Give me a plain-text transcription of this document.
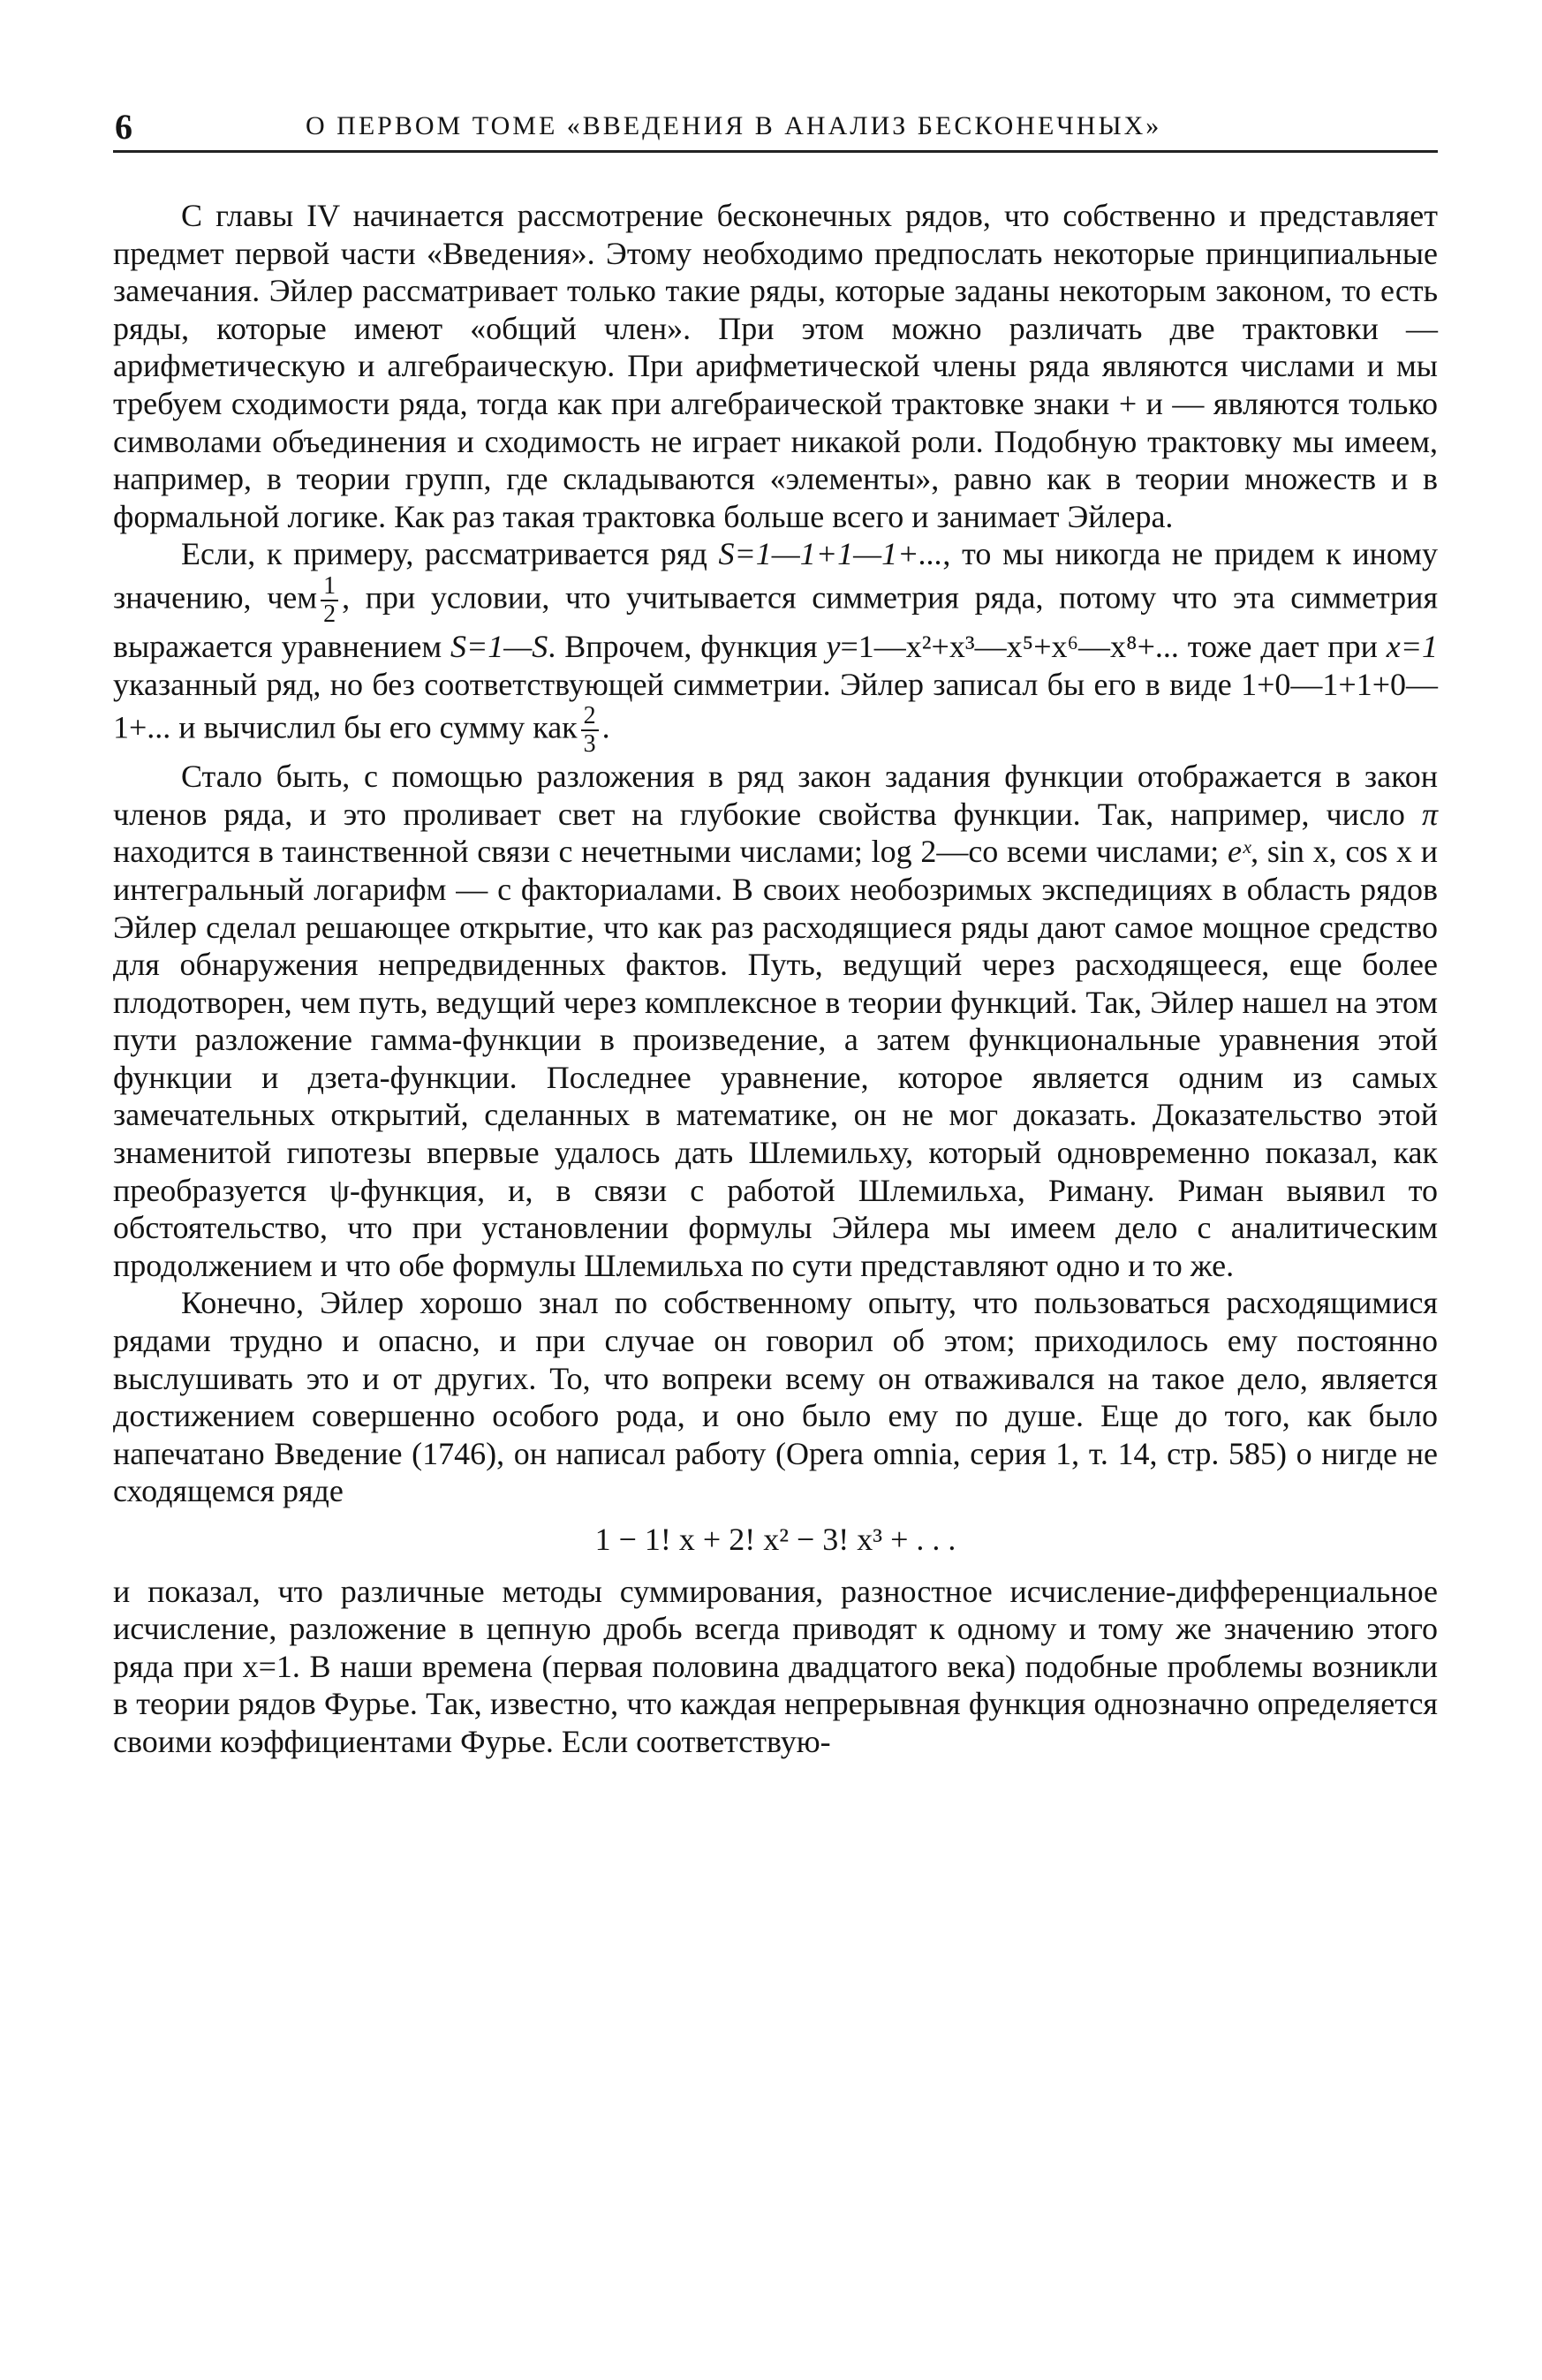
6	О ПЕРВОМ ТОМЕ «ВВЕДЕНИЯ В АНАЛИЗ БЕСКОНЕЧНЫХ»

С главы IV начинается рассмотрение бесконечных рядов, что собственно и представляет предмет первой части «Введения». Этому необходимо предпослать некоторые принципиальные замечания. Эйлер рассматривает только такие ряды, которые заданы некоторым законом, то есть ряды, которые имеют «общий член». При этом можно различать две трактовки — арифметическую и алгебраическую. При арифметической члены ряда являются числами и мы требуем сходимости ряда, тогда как при алгебраической трактовке знаки + и — являются только символами объединения и сходимость не играет никакой роли. Подобную трактовку мы имеем, например, в теории групп, где складываются «элементы», равно как в теории множеств и в формальной логике. Как раз такая трактовка больше всего и занимает Эйлера.

Если, к примеру, рассматривается ряд S=1—1+1—1+..., то мы никогда не придем к иному значению, чем $\frac{1}{2}$ , при условии, что учитывается симметрия ряда, потому что эта симметрия выражается уравнением S=1—S. Впрочем, функция y=1—x²+x³—x⁵+x⁶—x⁸+... тоже дает при x=1 указанный ряд, но без соответствующей симметрии. Эйлер записал бы его в виде 1+0—1+1+0—1+... и вычислил бы его сумму как $\frac{2}{3}$ .

Стало быть, с помощью разложения в ряд закон задания функции отображается в закон членов ряда, и это проливает свет на глубокие свойства функции. Так, например, число π находится в таинственной связи с нечетными числами; log 2—со всеми числами; eˣ, sin x, cos x и интегральный логарифм — с факториалами. В своих необозримых экспедициях в область рядов Эйлер сделал решающее открытие, что как раз расходящиеся ряды дают самое мощное средство для обнаружения непредвиденных фактов. Путь, ведущий через расходящееся, еще более плодотворен, чем путь, ведущий через комплексное в теории функций. Так, Эйлер нашел на этом пути разложение гамма-функции в произведение, а затем функциональные уравнения этой функции и дзета-функции. Последнее уравнение, которое является одним из самых замечательных открытий, сделанных в математике, он не мог доказать. Доказательство этой знаменитой гипотезы впервые удалось дать Шлемильху, который одновременно показал, как преобразуется ψ-функция, и, в связи с работой Шлемильха, Риману. Риман выявил то обстоятельство, что при установлении формулы Эйлера мы имеем дело с аналитическим продолжением и что обе формулы Шлемильха по сути представляют одно и то же.

Конечно, Эйлер хорошо знал по собственному опыту, что пользоваться расходящимися рядами трудно и опасно, и при случае он говорил об этом; приходилось ему постоянно выслушивать это и от других. То, что вопреки всему он отваживался на такое дело, является достижением совершенно особого рода, и оно было ему по душе. Еще до того, как было напечатано Введение (1746), он написал работу (Opera omnia, серия 1, т. 14, стр. 585) о нигде не сходящемся ряде

1 − 1! x + 2! x² − 3! x³ + . . .

и показал, что различные методы суммирования, разностное исчисление-дифференциальное исчисление, разложение в цепную дробь всегда приводят к одному и тому же значению этого ряда при x=1. В наши времена (первая половина двадцатого века) подобные проблемы возникли в теории рядов Фурье. Так, известно, что каждая непрерывная функция однозначно определяется своими коэффициентами Фурье. Если соответствую-
